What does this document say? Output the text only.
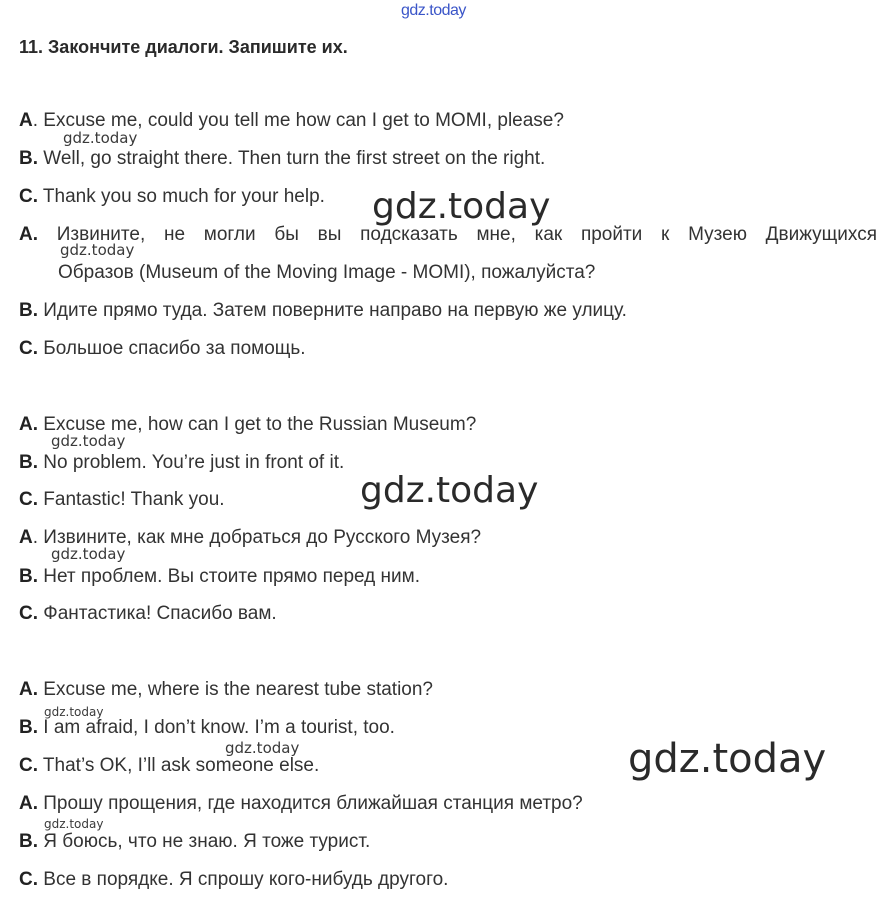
gdz.today
11. Закончите диалоги. Запишите их.
A. Excuse me, could you tell me how can I get to MOMI, please?
B. Well, go straight there. Then turn the first street on the right.
C. Thank you so much for your help.
A. Извините, не могли бы вы подсказать мне, как пройти к Музею Движущихся
Образов (Museum of the Moving Image - MOMI), пожалуйста?
B. Идите прямо туда. Затем поверните направо на первую же улицу.
C. Большое спасибо за помощь.
A. Excuse me, how can I get to the Russian Museum?
B. No problem. You’re just in front of it.
C. Fantastic! Thank you.
A. Извините, как мне добраться до Русского Музея?
B. Нет проблем. Вы стоите прямо перед ним.
C. Фантастика! Спасибо вам.
A. Excuse me, where is the nearest tube station?
B. I am afraid, I don’t know. I’m a tourist, too.
C. That’s OK, I’ll ask someone else.
A. Прошу прощения, где находится ближайшая станция метро?
B. Я боюсь, что не знаю. Я тоже турист.
C. Все в порядке. Я спрошу кого-нибудь другого.
gdz.today
gdz.today
gdz.today
gdz.today
gdz.today
gdz.today
gdz.today
gdz.today	gdz.today
gdz.today
